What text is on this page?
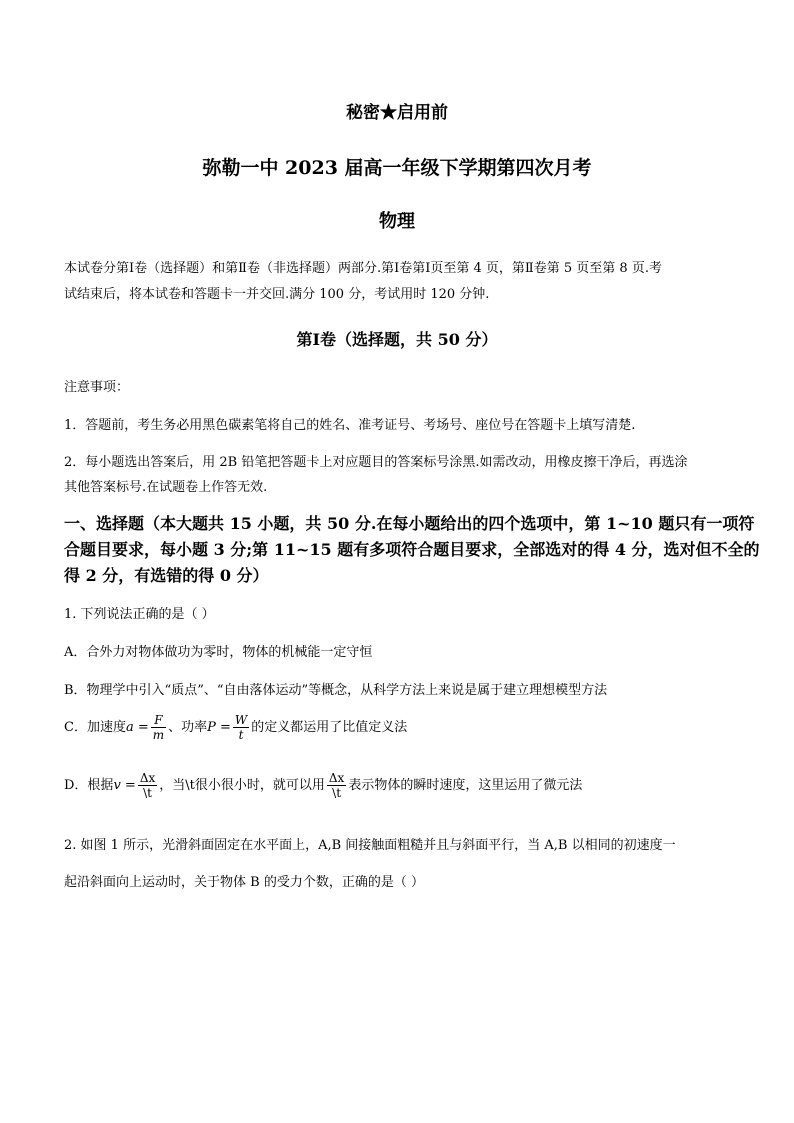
秘密★启用前
弥勒一中 2023 届高一年级下学期第四次月考
物理
本试卷分第Ⅰ卷（选择题）和第Ⅱ卷（非选择题）两部分.第Ⅰ卷第Ⅰ页至第 4 页，第Ⅱ卷第 5 页至第 8 页.考
试结束后，将本试卷和答题卡一并交回.满分 100 分，考试用时 120 分钟.
第Ⅰ卷（选择题，共 50 分）
注意事项：
1．答题前，考生务必用黑色碳素笔将自己的姓名、准考证号、考场号、座位号在答题卡上填写清楚.
2．每小题选出答案后，用 2B 铅笔把答题卡上对应题目的答案标号涂黑.如需改动，用橡皮擦干净后，再选涂
其他答案标号.在试题卷上作答无效.
一、选择题（本大题共 15 小题，共 50 分.在每小题给出的四个选项中，第 1~10 题只有一项符
合题目要求，每小题 3 分;第 11~15 题有多项符合题目要求，全部选对的得 4 分，选对但不全的
得 2 分，有选错的得 0 分）
1. 下列说法正确的是（ ）
A．合外力对物体做功为零时，物体的机械能一定守恒
B．物理学中引入“质点”、“自由落体运动”等概念，从科学方法上来说是属于建立理想模型方法
C．加速度$a = \frac{F}{m}$ 、功率$P = \frac{W}{t}$ 的定义都运用了比值定义法
D．根据$v = \frac{\Delta x}{\backslash t}$ ，当\t很小很小时，就可以用 $\frac{\Delta x}{\backslash t}$ 表示物体的瞬时速度，这里运用了微元法
2. 如图 1 所示，光滑斜面固定在水平面上，A,B 间接触面粗糙并且与斜面平行，当 A,B 以相同的初速度一
起沿斜面向上运动时，关于物体 B 的受力个数，正确的是（ ）
